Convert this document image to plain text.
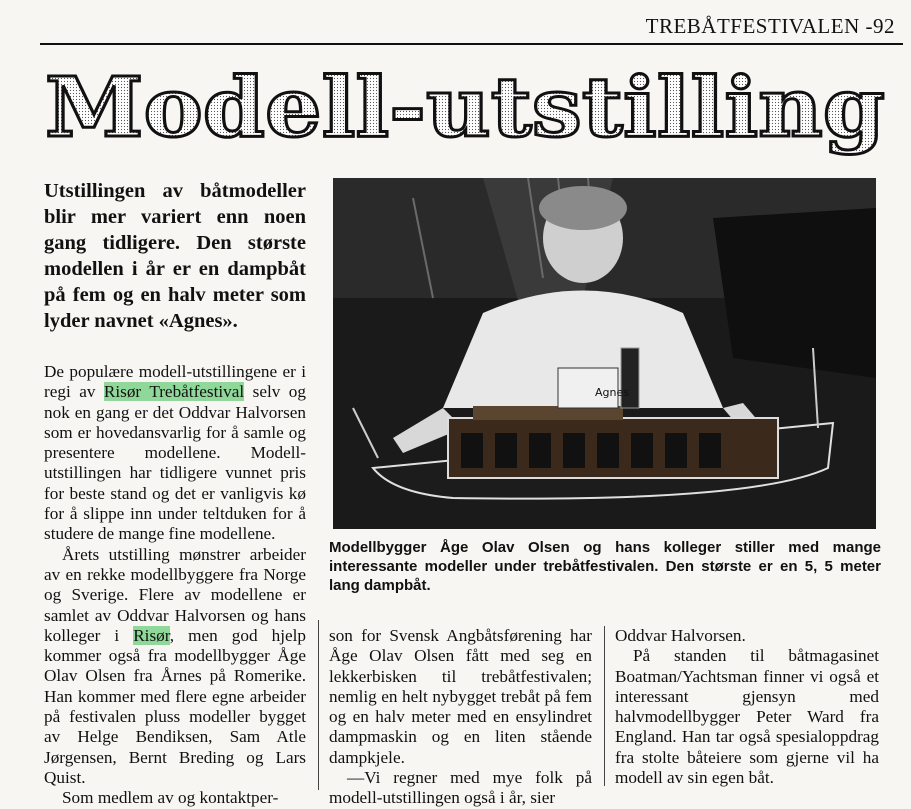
TREBÅTFESTIVALEN -92
Modell-utstilling
Utstillingen av båtmodeller blir mer variert enn noen gang tidligere. Den største modellen i år er en dampbåt på fem og en halv meter som lyder navnet «Agnes».

De populære modell-utstillingene er i regi av Risør Trebåtfestival selv og nok en gang er det Oddvar Halvorsen som er hovedansvarlig for å samle og presentere modellene. Modell- utstillingen har tidligere vunnet pris for beste stand og det er vanligvis kø for å slippe inn under teltduken for å studere de mange fine modellene.

Årets utstilling mønstrer arbeider av en rekke modellbyggere fra Norge og Sverige. Flere av modellene er samlet av Oddvar Halvorsen og hans kolleger i Risør, men god hjelp kommer også fra modellbygger Åge Olav Olsen fra Årnes på Romerike. Han kommer med flere egne arbeider på festivalen pluss modeller bygget av Helge Bendiksen, Sam Atle Jørgensen, Bernt Breding og Lars Quist.

Som medlem av og kontaktper-

Agnes
Modellbygger Åge Olav Olsen og hans kolleger stiller med mange interessante modeller under trebåtfestivalen. Den største er en 5, 5 meter lang dampbåt.

son for Svensk Angbåtsførening har Åge Olav Olsen fått med seg en lekkerbisken til trebåtfestivalen; nemlig en helt nybygget trebåt på fem og en halv meter med en ensylindret dampmaskin og en liten stående dampkjele.

—Vi regner med mye folk på modell-utstillingen også i år, sier

Oddvar Halvorsen.

På standen til båtmagasinet Boatman/Yachtsman finner vi også et interessant gjensyn med halvmodellbygger Peter Ward fra England. Han tar også spesialoppdrag fra stolte båteiere som gjerne vil ha modell av sin egen båt.
